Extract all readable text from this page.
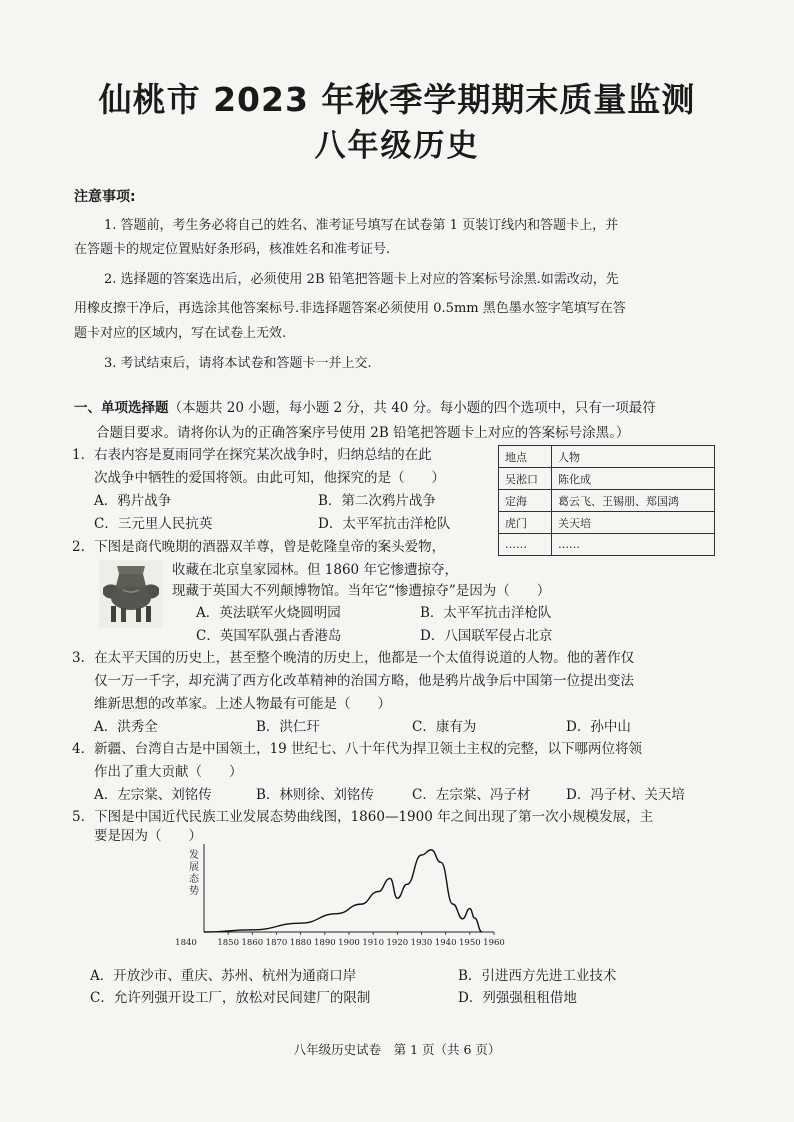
仙桃市 2023 年秋季学期期末质量监测
八年级历史
注意事项:
1. 答题前，考生务必将自己的姓名、准考证号填写在试卷第 1 页装订线内和答题卡上，并
在答题卡的规定位置贴好条形码，核准姓名和准考证号.
2. 选择题的答案选出后，必须使用 2B 铅笔把答题卡上对应的答案标号涂黑.如需改动，先
用橡皮擦干净后，再选涂其他答案标号.非选择题答案必须使用 0.5mm 黑色墨水签字笔填写在答
题卡对应的区域内，写在试卷上无效.
3. 考试结束后，请将本试卷和答题卡一并上交.
一、单项选择题（本题共 20 小题，每小题 2 分，共 40 分。每小题的四个选项中，只有一项最符
合题目要求。请将你认为的正确答案序号使用 2B 铅笔把答题卡上对应的答案标号涂黑。）
1．右表内容是夏雨同学在探究某次战争时，归纳总结的在此
次战争中牺牲的爱国将领。由此可知，他探究的是（　　）
A．鸦片战争	B．第二次鸦片战争
C．三元里人民抗英	D．太平军抗击洋枪队
地点	人物
吴淞口	陈化成
定海	葛云飞、王锡朋、郑国鸿
虎门	关天培
……	……
2．下图是商代晚期的酒器双羊尊，曾是乾隆皇帝的案头爱物，
收藏在北京皇家园林。但 1860 年它惨遭掠夺，
现藏于英国大不列颠博物馆。当年它“惨遭掠夺”是因为（　　）
A．英法联军火烧圆明园	B．太平军抗击洋枪队
C．英国军队强占香港岛	D．八国联军侵占北京
3．在太平天国的历史上，甚至整个晚清的历史上，他都是一个太值得说道的人物。他的著作仅
仅一万一千字，却充满了西方化改革精神的治国方略，他是鸦片战争后中国第一位提出变法
维新思想的改革家。上述人物最有可能是（　　）
A．洪秀全	B．洪仁玕	C．康有为	D．孙中山
4．新疆、台湾自古是中国领土，19 世纪七、八十年代为捍卫领土主权的完整，以下哪两位将领
作出了重大贡献（　　）
A．左宗棠、刘铭传	B．林则徐、刘铭传	C．左宗棠、冯子材	D．冯子材、关天培
5．下图是中国近代民族工业发展态势曲线图，1860—1900 年之间出现了第一次小规模发展，主
要是因为（　　）
发
展
态
势
1840 1850 1860 1870 1880 1890 1900 1910 1920 1930 1940 1950 1960
A．开放沙市、重庆、苏州、杭州为通商口岸	B．引进西方先进工业技术
C．允许列强开设工厂，放松对民间建厂的限制	D．列强强租租借地
八年级历史试卷　第 1 页（共 6 页）
